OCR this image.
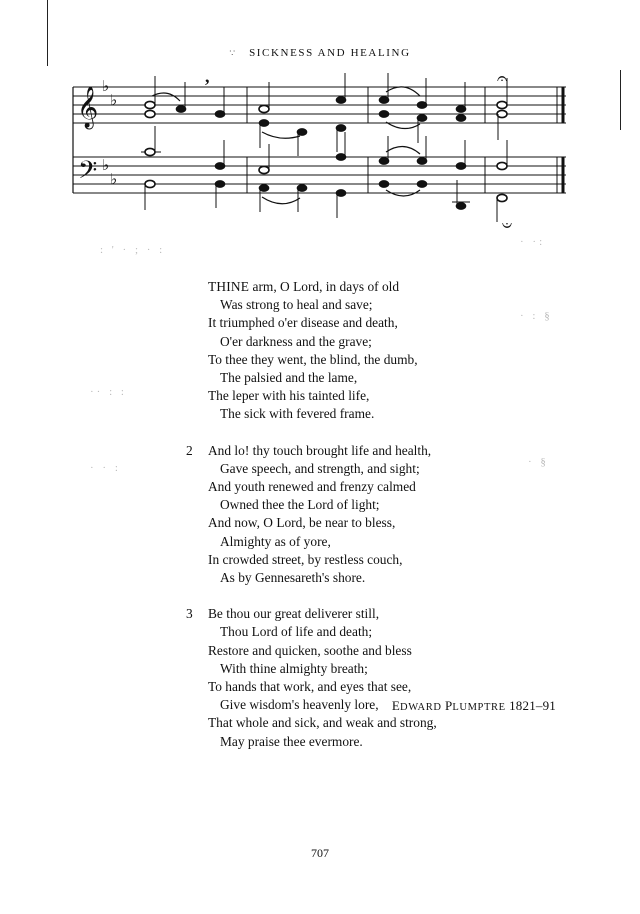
∵ SICKNESS AND HEALING
𝄞
𝄢
♭
♭
♭
♭
,	𝄐
𝄐
: ' · ; · :
· ·:
· : §
·· : :
· · :	· §
THINE arm, O Lord, in days of old
Was strong to heal and save;
It triumphed o'er disease and death,
O'er darkness and the grave;
To thee they went, the blind, the dumb,
The palsied and the lame,
The leper with his tainted life,
The sick with fevered frame.
2	And lo! thy touch brought life and health,
Gave speech, and strength, and sight;
And youth renewed and frenzy calmed
Owned thee the Lord of light;
And now, O Lord, be near to bless,
Almighty as of yore,
In crowded street, by restless couch,
As by Gennesareth's shore.
3	Be thou our great deliverer still,
Thou Lord of life and death;
Restore and quicken, soothe and bless
With thine almighty breath;
To hands that work, and eyes that see,
Give wisdom's heavenly lore,
That whole and sick, and weak and strong,
May praise thee evermore.
EDWARD PLUMPTRE 1821–91
707
